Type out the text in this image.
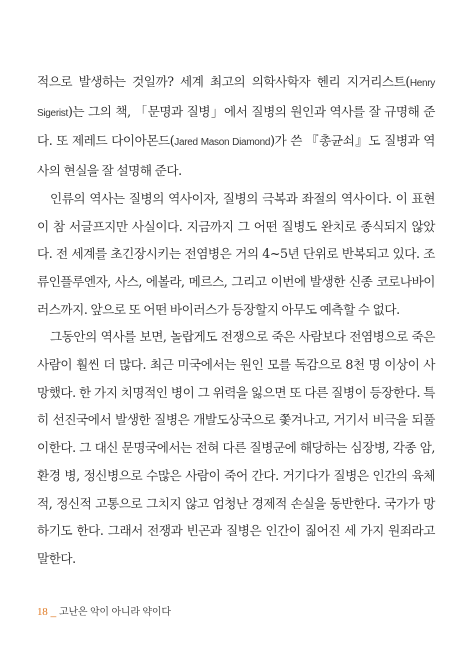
적으로 발생하는 것일까? 세계 최고의 의학사학자 헨리 지거리스트(Henry Sigerist)는 그의 책, 「문명과 질병」에서 질병의 원인과 역사를 잘 규명해 준다. 또 제레드 다이아몬드(Jared Mason Diamond)가 쓴 『총균쇠』도 질병과 역사의 현실을 잘 설명해 준다.

인류의 역사는 질병의 역사이자, 질병의 극복과 좌절의 역사이다. 이 표현이 참 서글프지만 사실이다. 지금까지 그 어떤 질병도 완치로 종식되지 않았다. 전 세계를 초긴장시키는 전염병은 거의 4~5년 단위로 반복되고 있다. 조류인플루엔자, 사스, 에볼라, 메르스, 그리고 이번에 발생한 신종 코로나바이러스까지. 앞으로 또 어떤 바이러스가 등장할지 아무도 예측할 수 없다.

그동안의 역사를 보면, 놀랍게도 전쟁으로 죽은 사람보다 전염병으로 죽은 사람이 훨씬 더 많다. 최근 미국에서는 원인 모를 독감으로 8천 명 이상이 사망했다. 한 가지 치명적인 병이 그 위력을 잃으면 또 다른 질병이 등장한다. 특히 선진국에서 발생한 질병은 개발도상국으로 쫓겨나고, 거기서 비극을 되풀이한다. 그 대신 문명국에서는 전혀 다른 질병군에 해당하는 심장병, 각종 암, 환경 병, 정신병으로 수많은 사람이 죽어 간다. 거기다가 질병은 인간의 육체적, 정신적 고통으로 그치지 않고 엄청난 경제적 손실을 동반한다. 국가가 망하기도 한다. 그래서 전쟁과 빈곤과 질병은 인간이 짊어진 세 가지 원죄라고 말한다.

18 _ 고난은 악이 아니라 약이다
